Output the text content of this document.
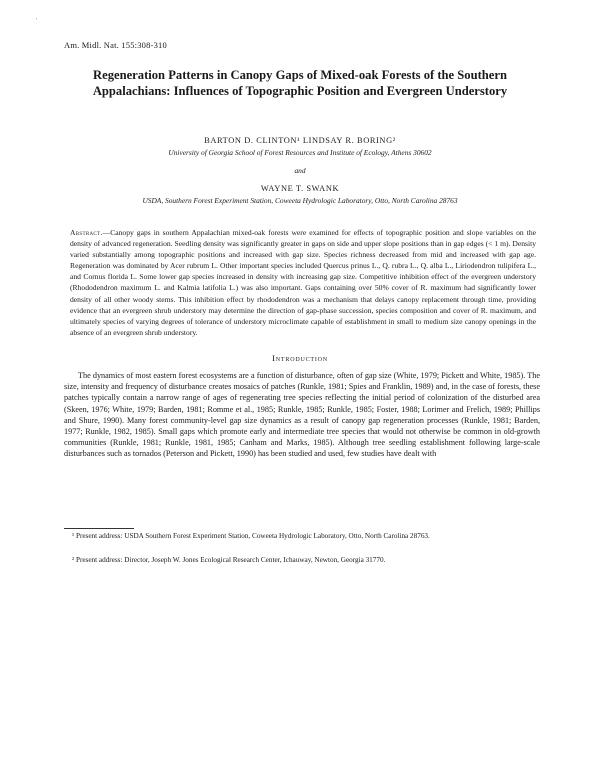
'
Am. Midl. Nat. 155:308-310
Regeneration Patterns in Canopy Gaps of Mixed-oak Forests of the Southern Appalachians: Influences of Topographic Position and Evergreen Understory
BARTON D. CLINTON¹ LINDSAY R. BORING²
University of Georgia School of Forest Resources and Institute of Ecology, Athens 30602
and
WAYNE T. SWANK
USDA, Southern Forest Experiment Station, Coweeta Hydrologic Laboratory, Otto, North Carolina 28763
Abstract.—Canopy gaps in southern Appalachian mixed-oak forests were examined for effects of topographic position and slope variables on the density of advanced regeneration. Seedling density was significantly greater in gaps on side and upper slope positions than in gap edges (< 1 m). Density varied substantially among topographic positions and increased with gap size. Species richness decreased from mid and increased with gap age. Regeneration was dominated by Acer rubrum L. Other important species included Quercus prinus L., Q. rubra L., Q. alba L., Liriodendron tulipifera L., and Cornus florida L. Some lower gap species increased in density with increasing gap size. Competitive inhibition effect of the evergreen understory (Rhododendron maximum L. and Kalmia latifolia L.) was also important. Gaps containing over 50% cover of R. maximum had significantly lower density of all other woody stems. This inhibition effect by rhododendron was a mechanism that delays canopy replacement through time, providing evidence that an evergreen shrub understory may determine the direction of gap-phase succession, species composition and cover of R. maximum, and ultimately species of varying degrees of tolerance of understory microclimate capable of establishment in small to medium size canopy openings in the absence of an evergreen shrub understory.
Introduction
The dynamics of most eastern forest ecosystems are a function of disturbance, often of gap size (White, 1979; Pickett and White, 1985). The size, intensity and frequency of disturbance creates mosaics of patches (Runkle, 1981; Spies and Franklin, 1989) and, in the case of forests, these patches typically contain a narrow range of ages of regenerating tree species reflecting the initial period of colonization of the disturbed area (Skeen, 1976; White, 1979; Barden, 1981; Romme et al., 1985; Runkle, 1985; Runkle, 1985; Foster, 1988; Lorimer and Frelich, 1989; Phillips and Shure, 1990). Many forest community-level gap size dynamics as a result of canopy gap regeneration processes (Runkle, 1981; Barden, 1977; Runkle, 1982, 1985). Small gaps which promote early and intermediate tree species that would not otherwise be common in old-growth communities (Runkle, 1981; Runkle, 1981, 1985; Canham and Marks, 1985). Although tree seedling establishment following large-scale disturbances such as tornados (Peterson and Pickett, 1990) has been studied and used, few studies have dealt with
¹ Present address: USDA Southern Forest Experiment Station, Coweeta Hydrologic Laboratory, Otto, North Carolina 28763.
² Present address: Director, Joseph W. Jones Ecological Research Center, Ichauway, Newton, Georgia 31770.
